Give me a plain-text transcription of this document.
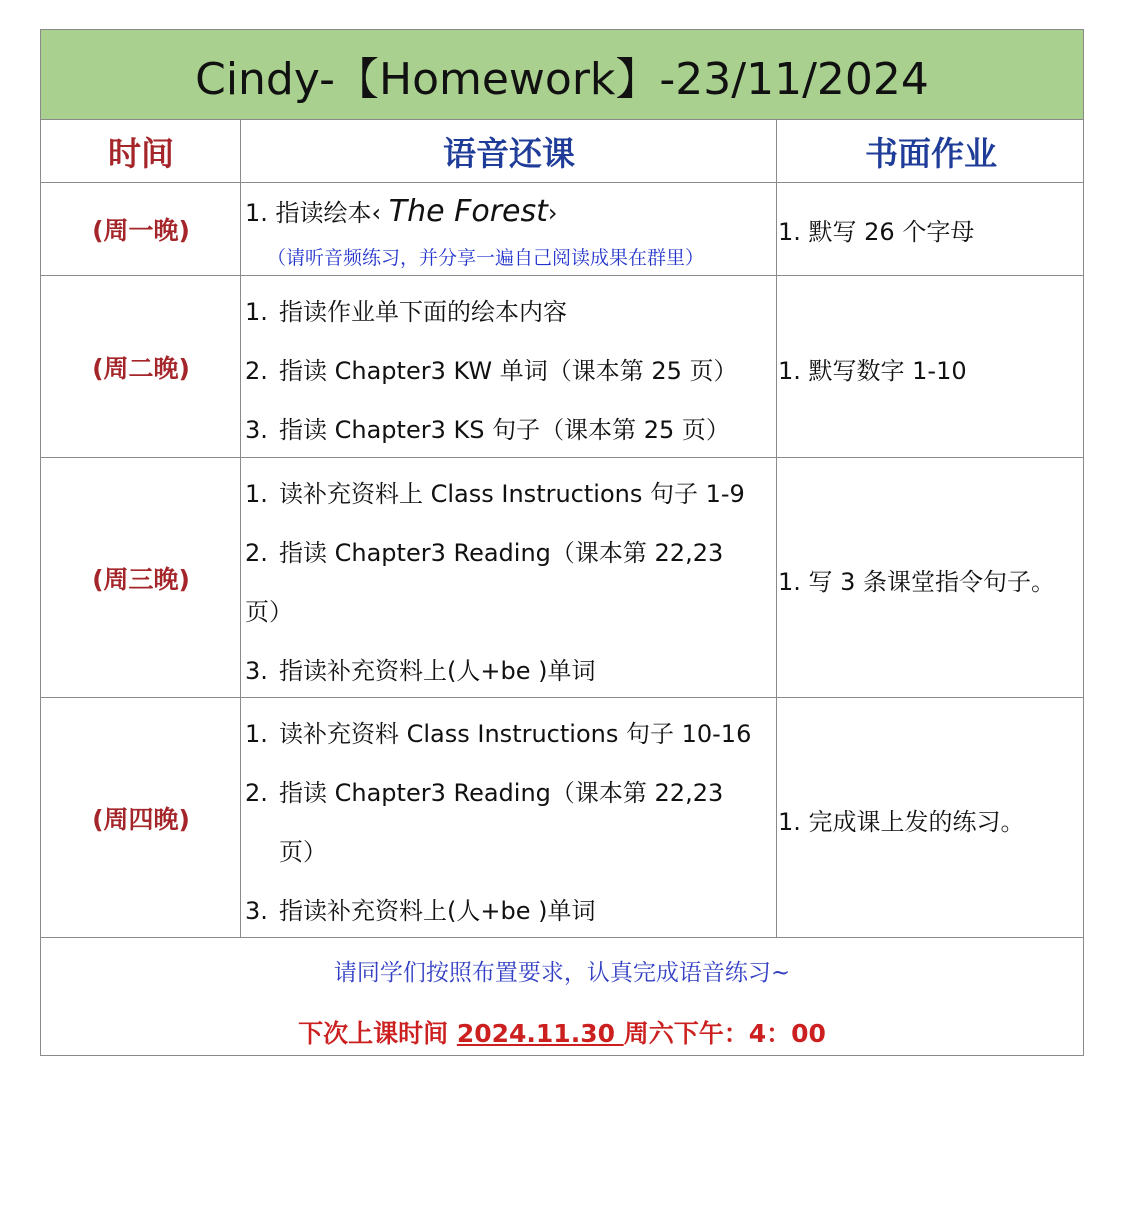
Cindy-【Homework】-23/11/2024
时间	语音还课	书面作业
(周一晚)
1. 指读绘本‹ The Forest›
（请听音频练习，并分享一遍自己阅读成果在群里）
1. 默写 26 个字母
(周二晚)
1. 指读作业单下面的绘本内容
2. 指读 Chapter3 KW 单词（课本第 25 页）
3. 指读 Chapter3 KS 句子（课本第 25 页）
1. 默写数字 1-10
(周三晚)
1. 读补充资料上 Class Instructions 句子 1-9
2. 指读 Chapter3 Reading（课本第 22,23
页）
3. 指读补充资料上(人+be )单词
1. 写 3 条课堂指令句子。
(周四晚)
1. 读补充资料 Class Instructions 句子 10-16
2. 指读 Chapter3 Reading（课本第 22,23
页）
3. 指读补充资料上(人+be )单词
1. 完成课上发的练习。
请同学们按照布置要求，认真完成语音练习~
下次上课时间 2024.11.30 周六下午：4：00
